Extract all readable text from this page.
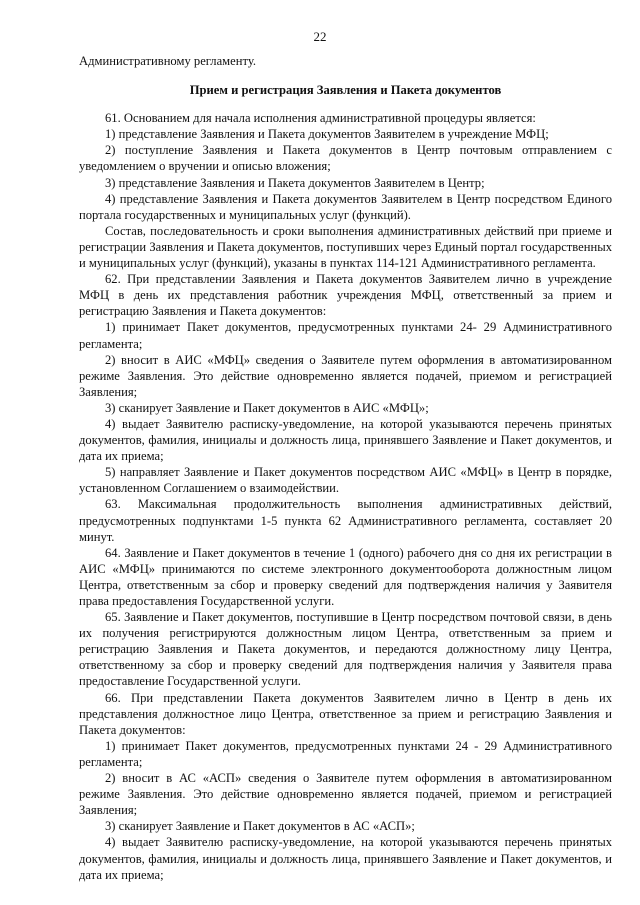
22

Административному регламенту.

Прием и регистрация Заявления и Пакета документов

61. Основанием для начала исполнения административной процедуры является:

1) представление Заявления и Пакета документов Заявителем в учреждение МФЦ;

2) поступление Заявления и Пакета документов в Центр почтовым отправлением с уведомлением о вручении и описью вложения;

3) представление Заявления и Пакета документов Заявителем в Центр;

4) представление Заявления и Пакета документов Заявителем в Центр посредством Единого портала государственных и муниципальных услуг (функций).

Состав, последовательность и сроки выполнения административных действий при приеме и регистрации Заявления и Пакета документов, поступивших через Единый портал государственных и муниципальных услуг (функций), указаны в пунктах 114-121 Административного регламента.

62. При представлении Заявления и Пакета документов Заявителем лично в учреждение МФЦ в день их представления работник учреждения МФЦ, ответственный за прием и регистрацию Заявления и Пакета документов:

1) принимает Пакет документов, предусмотренных пунктами 24- 29 Административного регламента;

2) вносит в АИС «МФЦ» сведения о Заявителе путем оформления в автоматизированном режиме Заявления. Это действие одновременно является подачей, приемом и регистрацией Заявления;

3) сканирует Заявление и Пакет документов в АИС «МФЦ»;

4) выдает Заявителю расписку-уведомление, на которой указываются перечень принятых документов, фамилия, инициалы и должность лица, принявшего Заявление и Пакет документов, и дата их приема;

5) направляет Заявление и Пакет документов посредством АИС «МФЦ» в Центр в порядке, установленном Соглашением о взаимодействии.

63. Максимальная продолжительность выполнения административных действий, предусмотренных подпунктами 1-5 пункта 62 Административного регламента, составляет 20 минут.

64. Заявление и Пакет документов в течение 1 (одного) рабочего дня со дня их регистрации в АИС «МФЦ» принимаются по системе электронного документооборота должностным лицом Центра, ответственным за сбор и проверку сведений для подтверждения наличия у Заявителя права предоставления Государственной услуги.

65. Заявление и Пакет документов, поступившие в Центр посредством почтовой связи, в день их получения регистрируются должностным лицом Центра, ответственным за прием и регистрацию Заявления и Пакета документов, и передаются должностному лицу Центра, ответственному за сбор и проверку сведений для подтверждения наличия у Заявителя права предоставление Государственной услуги.

66. При представлении Пакета документов Заявителем лично в Центр в день их представления должностное лицо Центра, ответственное за прием и регистрацию Заявления и Пакета документов:

1) принимает Пакет документов, предусмотренных пунктами 24 - 29 Административного регламента;

2) вносит в АС «АСП» сведения о Заявителе путем оформления в автоматизированном режиме Заявления. Это действие одновременно является подачей, приемом и регистрацией Заявления;

3) сканирует Заявление и Пакет документов в АС «АСП»;

4) выдает Заявителю расписку-уведомление, на которой указываются перечень принятых документов, фамилия, инициалы и должность лица, принявшего Заявление и Пакет документов, и дата их приема;
